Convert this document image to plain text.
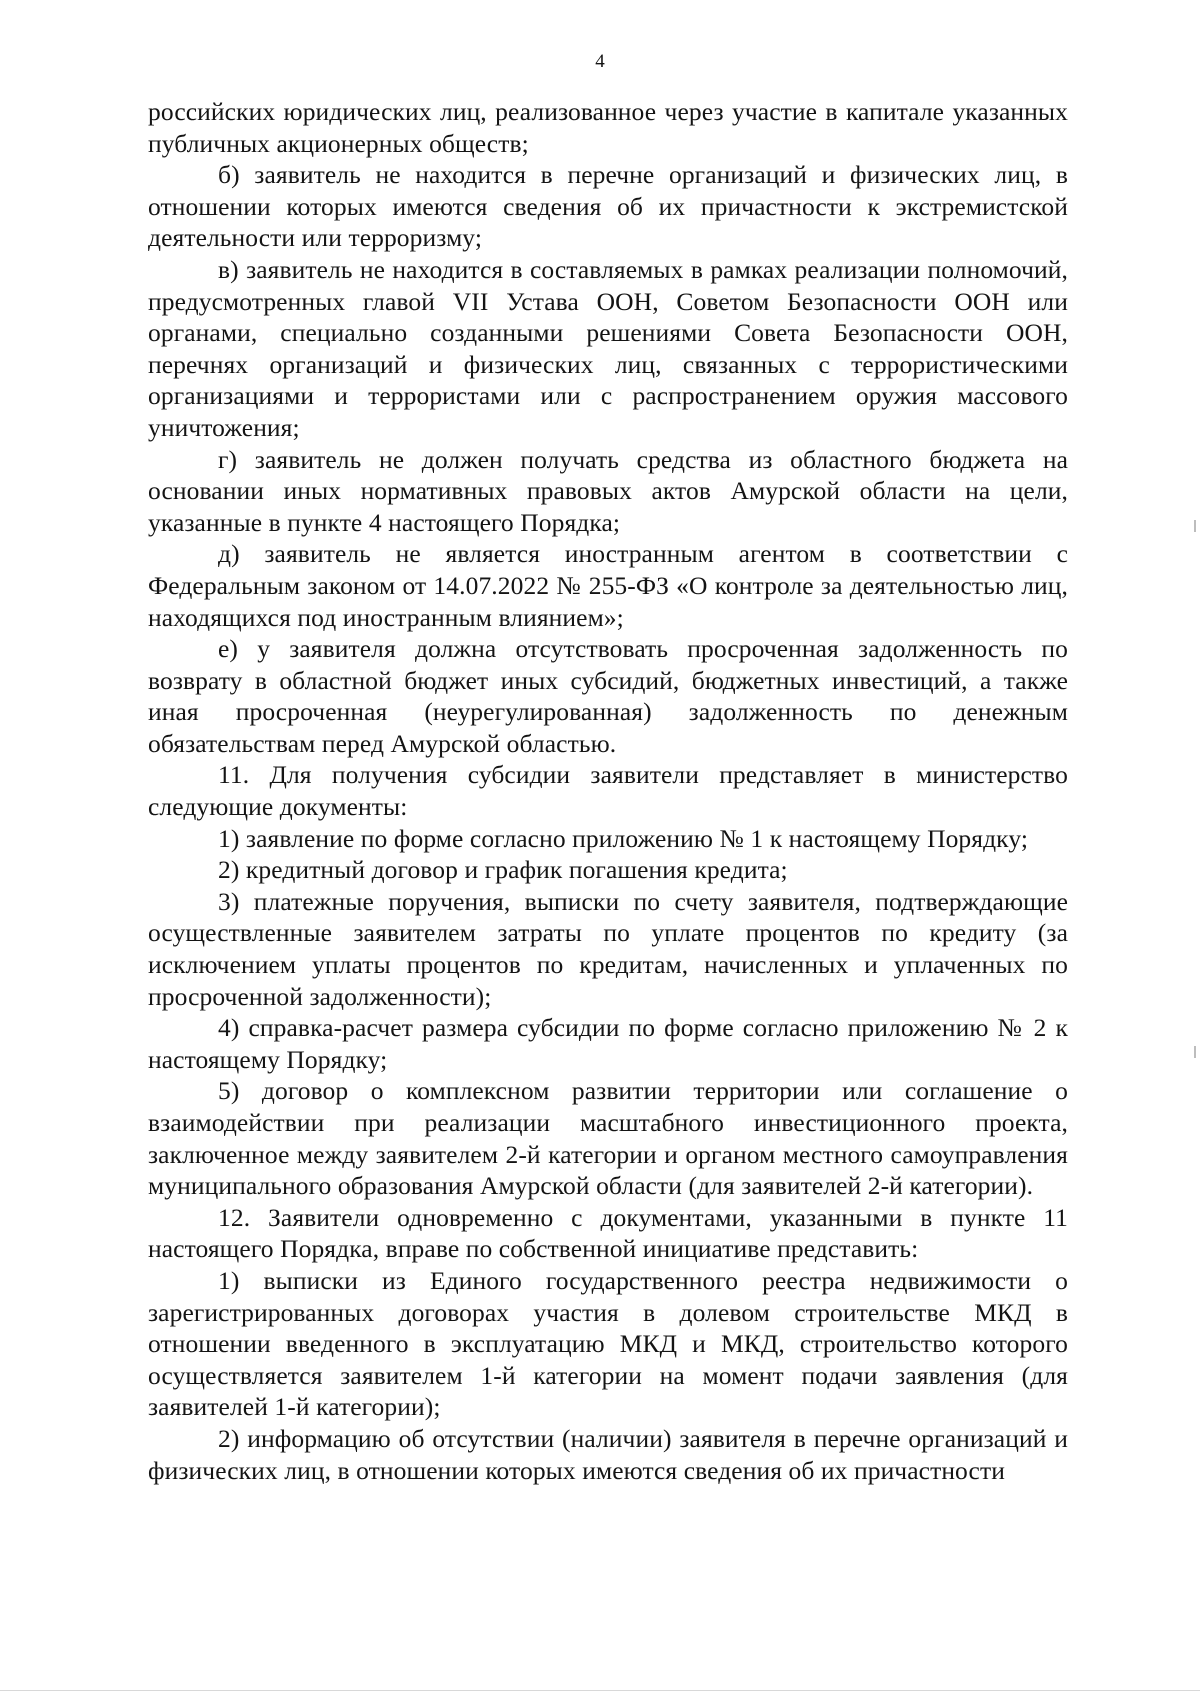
4

российских юридических лиц, реализованное через участие в капитале указанных публичных акционерных обществ;

б) заявитель не находится в перечне организаций и физических лиц, в отношении которых имеются сведения об их причастности к экстремистской деятельности или терроризму;

в) заявитель не находится в составляемых в рамках реализации полномочий, предусмотренных главой VII Устава ООН, Советом Безопасности ООН или органами, специально созданными решениями Совета Безопасности ООН, перечнях организаций и физических лиц, связанных с террористическими организациями и террористами или с распространением оружия массового уничтожения;

г) заявитель не должен получать средства из областного бюджета на основании иных нормативных правовых актов Амурской области на цели, указанные в пункте 4 настоящего Порядка;

д) заявитель не является иностранным агентом в соответствии с Федеральным законом от 14.07.2022 № 255-ФЗ «О контроле за деятельностью лиц, находящихся под иностранным влиянием»;

е) у заявителя должна отсутствовать просроченная задолженность по возврату в областной бюджет иных субсидий, бюджетных инвестиций, а также иная просроченная (неурегулированная) задолженность по денежным обязательствам перед Амурской областью.

11. Для получения субсидии заявители представляет в министерство следующие документы:

1) заявление по форме согласно приложению № 1 к настоящему Порядку;

2) кредитный договор и график погашения кредита;

3) платежные поручения, выписки по счету заявителя, подтверждающие осуществленные заявителем затраты по уплате процентов по кредиту (за исключением уплаты процентов по кредитам, начисленных и уплаченных по просроченной задолженности);

4) справка-расчет размера субсидии по форме согласно приложению № 2 к настоящему Порядку;

5) договор о комплексном развитии территории или соглашение о взаимодействии при реализации масштабного инвестиционного проекта, заключенное между заявителем 2-й категории и органом местного самоуправления муниципального образования Амурской области (для заявителей 2-й категории).

12. Заявители одновременно с документами, указанными в пункте 11 настоящего Порядка, вправе по собственной инициативе представить:

1) выписки из Единого государственного реестра недвижимости о зарегистрированных договорах участия в долевом строительстве МКД в отношении введенного в эксплуатацию МКД и МКД, строительство которого осуществляется заявителем 1-й категории на момент подачи заявления (для заявителей 1-й категории);

2) информацию об отсутствии (наличии) заявителя в перечне организаций и физических лиц, в отношении которых имеются сведения об их причастности
